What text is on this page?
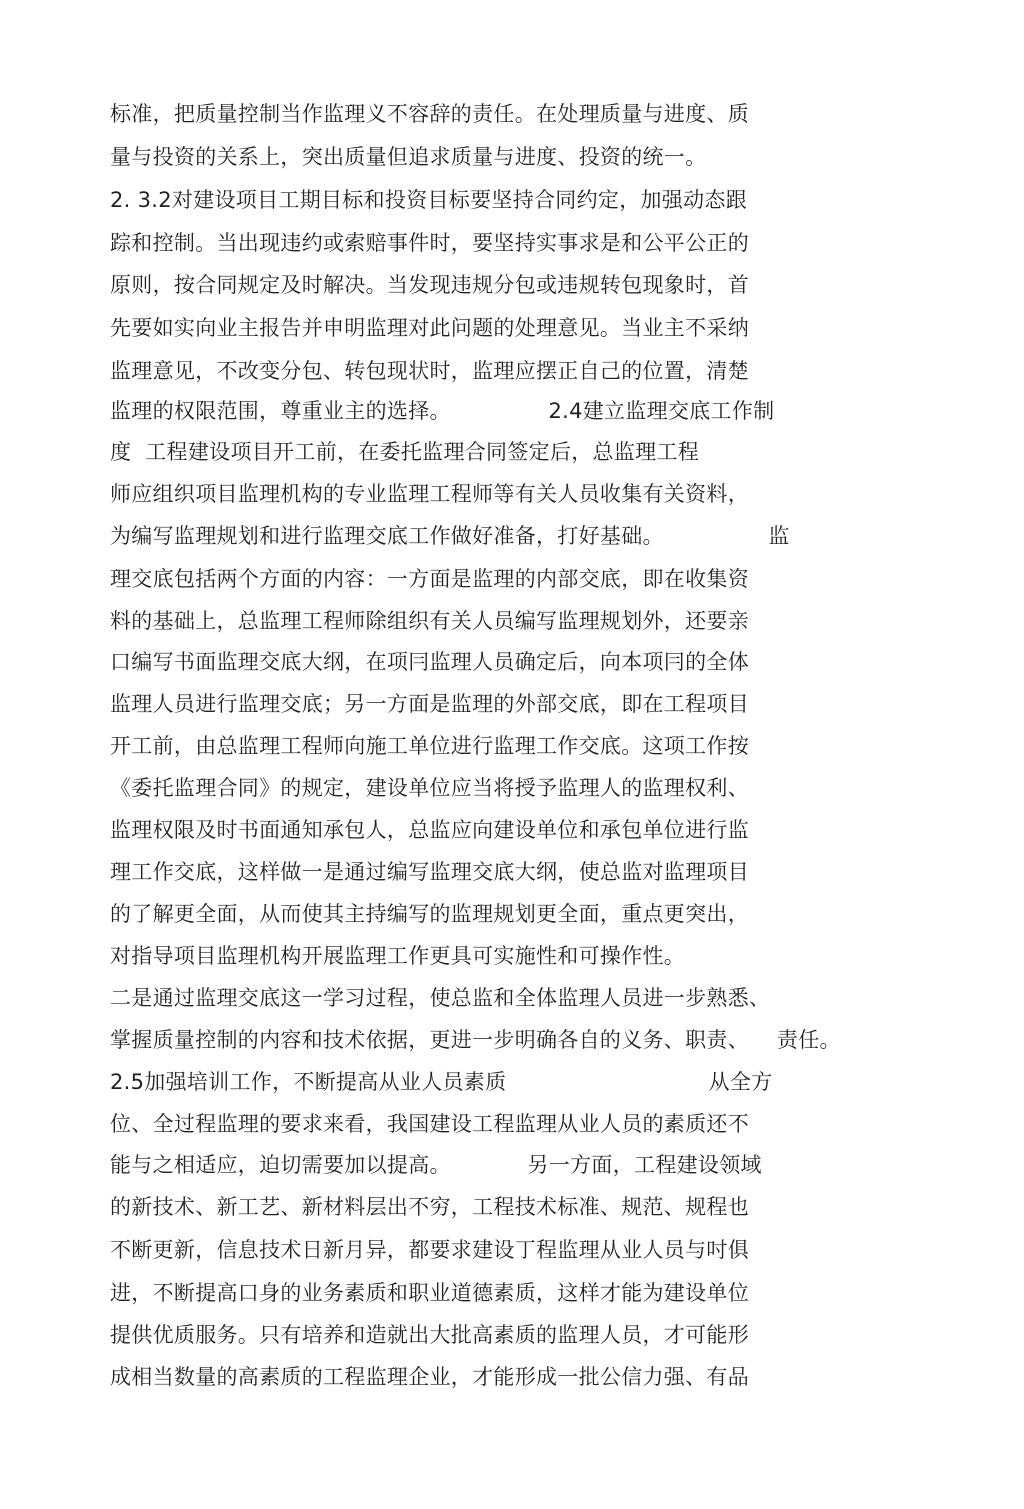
标准，把质量控制当作监理义不容辞的责任。在处理质量与进度、质
量与投资的关系上，突出质量但追求质量与进度、投资的统一。
2. 3.2对建设项目工期目标和投资目标要坚持合同约定，加强动态跟
踪和控制。当出现违约或索赔事件时，要坚持实事求是和公平公正的
原则，按合同规定及时解决。当发现违规分包或违规转包现象时，首
先要如实向业主报告并申明监理对此问题的处理意见。当业主不采纳
监理意见，不改变分包、转包现状时，监理应摆正自己的位置，清楚
监理的权限范围，尊重业主的选择。              2.4建立监理交底工作制
度  工程建设项目开工前，在委托监理合同签定后，总监理工程
师应组织项目监理机构的专业监理工程师等有关人员收集有关资料，
为编写监理规划和进行监理交底工作做好准备，打好基础。               监
理交底包括两个方面的内容：一方面是监理的内部交底，即在收集资
料的基础上，总监理工程师除组织有关人员编写监理规划外，还要亲
口编写书面监理交底大纲，在项冃监理人员确定后，向本项冃的全体
监理人员进行监理交底；另一方面是监理的外部交底，即在工程项目
开工前，由总监理工程师向施工单位进行监理工作交底。这项工作按
《委托监理合同》的规定，建设单位应当将授予监理人的监理权利、
监理权限及时书面通知承包人，总监应向建设单位和承包单位进行监
理工作交底，这样做一是通过编写监理交底大纲，使总监对监理项目
的了解更全面，从而使其主持编写的监理规划更全面，重点更突出，
对指导项目监理机构开展监理工作更具可实施性和可操作性。
二是通过监理交底这一学习过程，使总监和全体监理人员进一步熟悉、
掌握质量控制的内容和技术依据，更进一步明确各自的义务、职责、    责任。
2.5加强培训工作，不断提高从业人员素质                             从全方
位、全过程监理的要求来看，我国建设工程监理从业人员的素质还不
能与之相适应，迫切需要加以提高。           另一方面，工程建设领域
的新技术、新工艺、新材料层出不穷，工程技术标准、规范、规程也
不断更新，信息技术日新月异，都要求建设丁程监理从业人员与吋俱
进，不断提高口身的业务素质和职业道德素质，这样才能为建设单位
提供优质服务。只有培养和造就出大批高素质的监理人员，才可能形
成相当数量的高素质的工程监理企业，才能形成一批公信力强、有品
